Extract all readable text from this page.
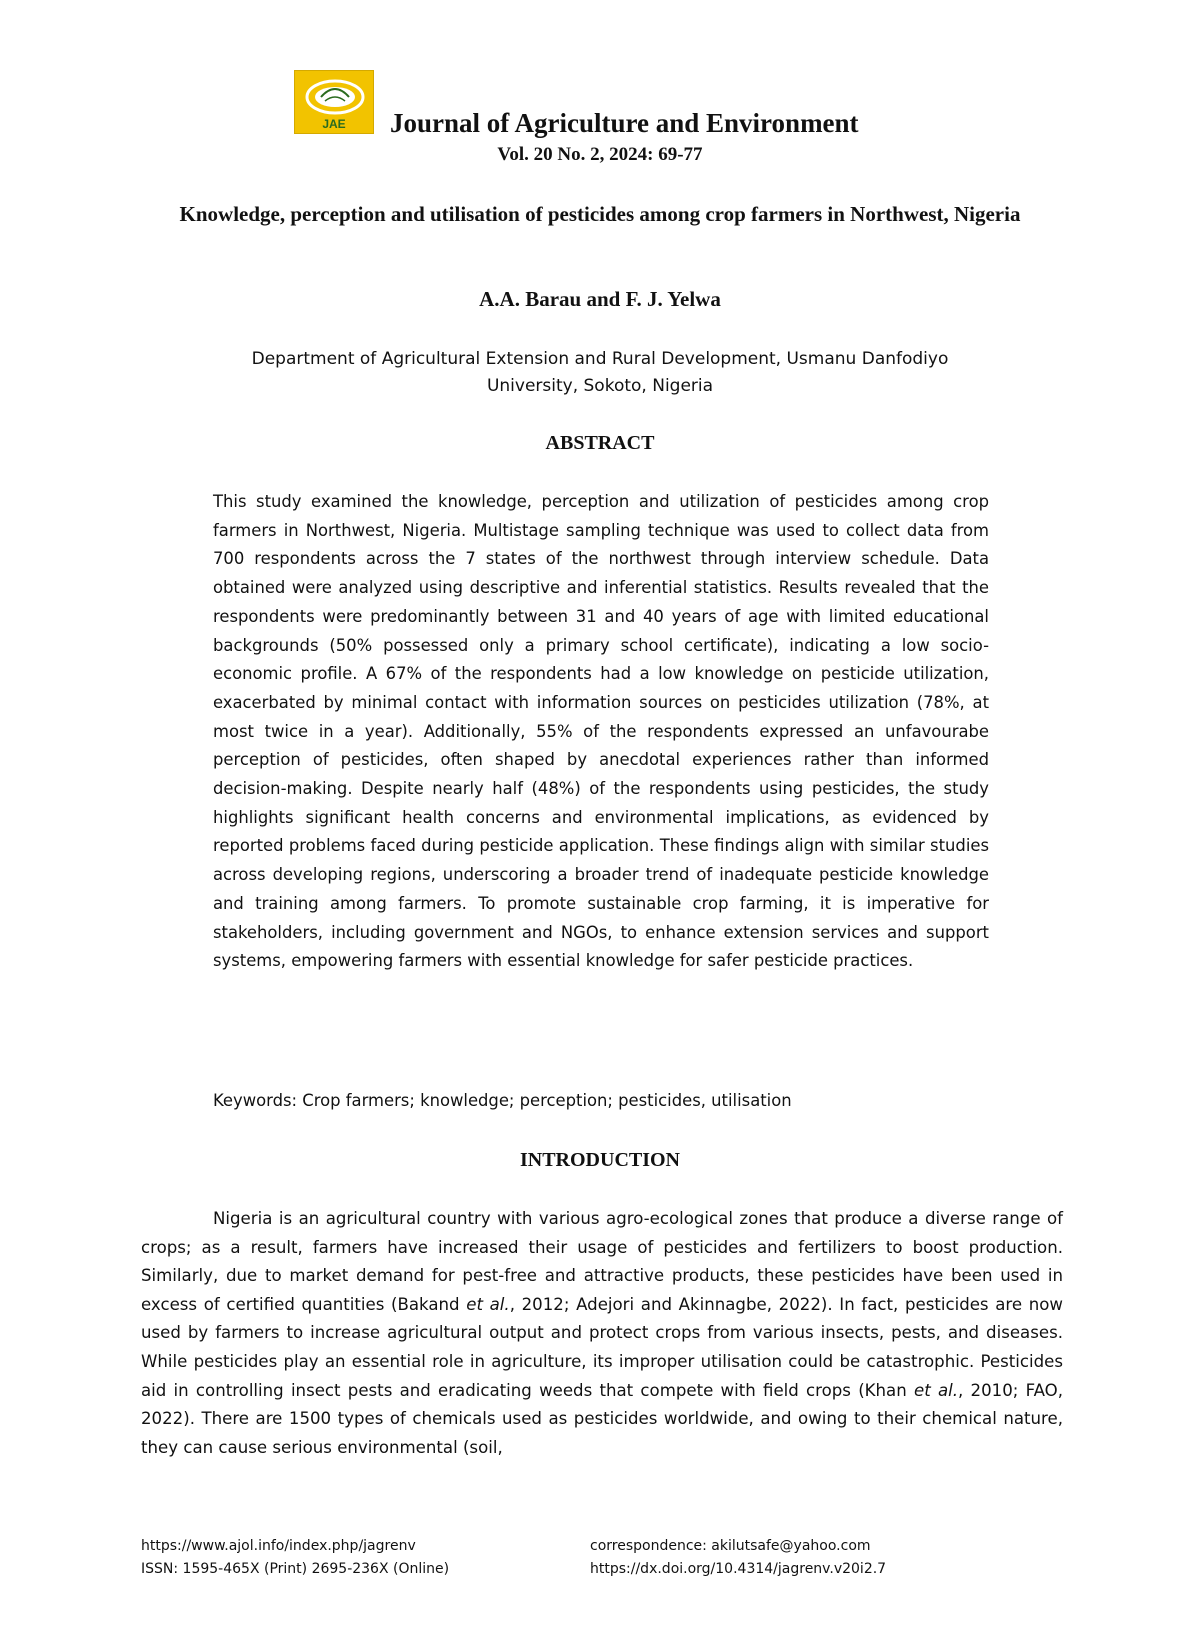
JAE	Journal of Agriculture and Environment
Vol. 20 No. 2, 2024: 69-77
Knowledge, perception and utilisation of pesticides among crop farmers in Northwest, Nigeria
A.A. Barau and F. J. Yelwa
Department of Agricultural Extension and Rural Development, Usmanu Danfodiyo University, Sokoto, Nigeria
ABSTRACT

This study examined the knowledge, perception and utilization of pesticides among crop farmers in Northwest, Nigeria. Multistage sampling technique was used to collect data from 700 respondents across the 7 states of the northwest through interview schedule. Data obtained were analyzed using descriptive and inferential statistics. Results revealed that the respondents were predominantly between 31 and 40 years of age with limited educational backgrounds (50% possessed only a primary school certificate), indicating a low socio-economic profile. A 67% of the respondents had a low knowledge on pesticide utilization, exacerbated by minimal contact with information sources on pesticides utilization (78%, at most twice in a year). Additionally, 55% of the respondents expressed an unfavourabe perception of pesticides, often shaped by anecdotal experiences rather than informed decision-making. Despite nearly half (48%) of the respondents using pesticides, the study highlights significant health concerns and environmental implications, as evidenced by reported problems faced during pesticide application. These findings align with similar studies across developing regions, underscoring a broader trend of inadequate pesticide knowledge and training among farmers. To promote sustainable crop farming, it is imperative for stakeholders, including government and NGOs, to enhance extension services and support systems, empowering farmers with essential knowledge for safer pesticide practices.

Keywords: Crop farmers; knowledge; perception; pesticides, utilisation
INTRODUCTION

Nigeria is an agricultural country with various agro-ecological zones that produce a diverse range of crops; as a result, farmers have increased their usage of pesticides and fertilizers to boost production. Similarly, due to market demand for pest-free and attractive products, these pesticides have been used in excess of certified quantities (Bakand et al., 2012; Adejori and Akinnagbe, 2022). In fact, pesticides are now used by farmers to increase agricultural output and protect crops from various insects, pests, and diseases. While pesticides play an essential role in agriculture, its improper utilisation could be catastrophic. Pesticides aid in controlling insect pests and eradicating weeds that compete with field crops (Khan et al., 2010; FAO, 2022). There are 1500 types of chemicals used as pesticides worldwide, and owing to their chemical nature, they can cause serious environmental (soil,

https://www.ajol.info/index.php/jagrenv
ISSN: 1595-465X (Print) 2695-236X (Online)
correspondence: akilutsafe@yahoo.com
https://dx.doi.org/10.4314/jagrenv.v20i2.7
